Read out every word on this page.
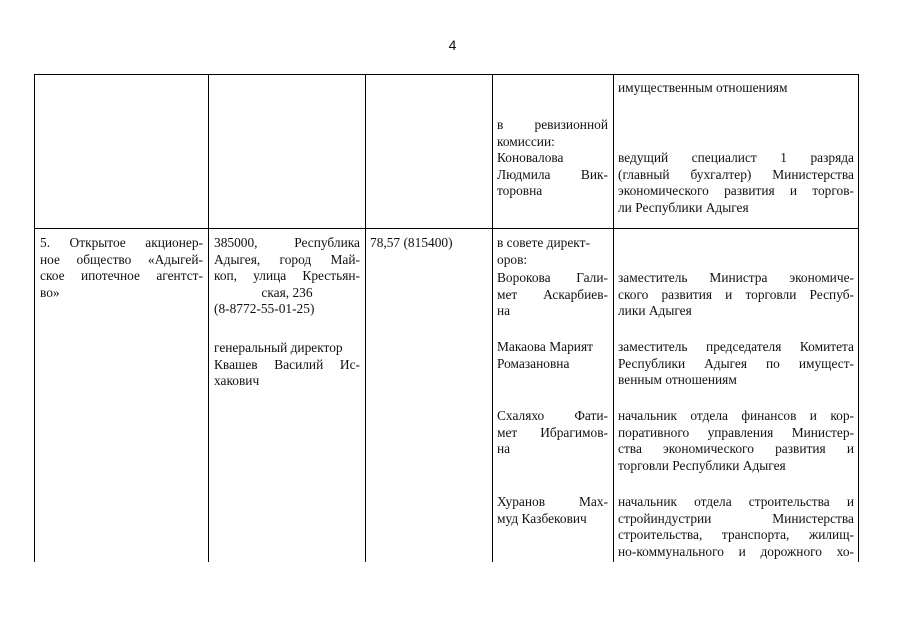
4
имущественным отношениям
в ревизионной
комиссии:
Коновалова
Людмила Вик-
торовна
ведущий специалист 1 разряда
(главный бухгалтер) Министерства
экономического развития и торгов-
ли Республики Адыгея
5. Открытое акционер-
ное общество «Адыгей-
ское ипотечное агентст-
во»
385000, Республика
Адыгея, город Май-
коп, улица Крестьян-
ская, 236
(8-8772-55-01-25)
генеральный директор
Квашев Василий Ис-
хакович
78,57 (815400)	в совете директ-
оров:
Ворокова Гали-
мет Аскарбиев-
на
заместитель Министра экономиче-
ского развития и торговли Респуб-
лики Адыгея
Макаова Марият
Ромазановна
заместитель председателя Комитета
Республики Адыгея по имущест-
венным отношениям
Схаляхо Фати-
мет Ибрагимов-
на
начальник отдела финансов и кор-
поративного управления Министер-
ства экономического развития и
торговли Республики Адыгея
Хуранов Мах-
муд Казбекович
начальник отдела строительства и
стройиндустрии Министерства
строительства, транспорта, жилищ-
но-коммунального и дорожного хо-
